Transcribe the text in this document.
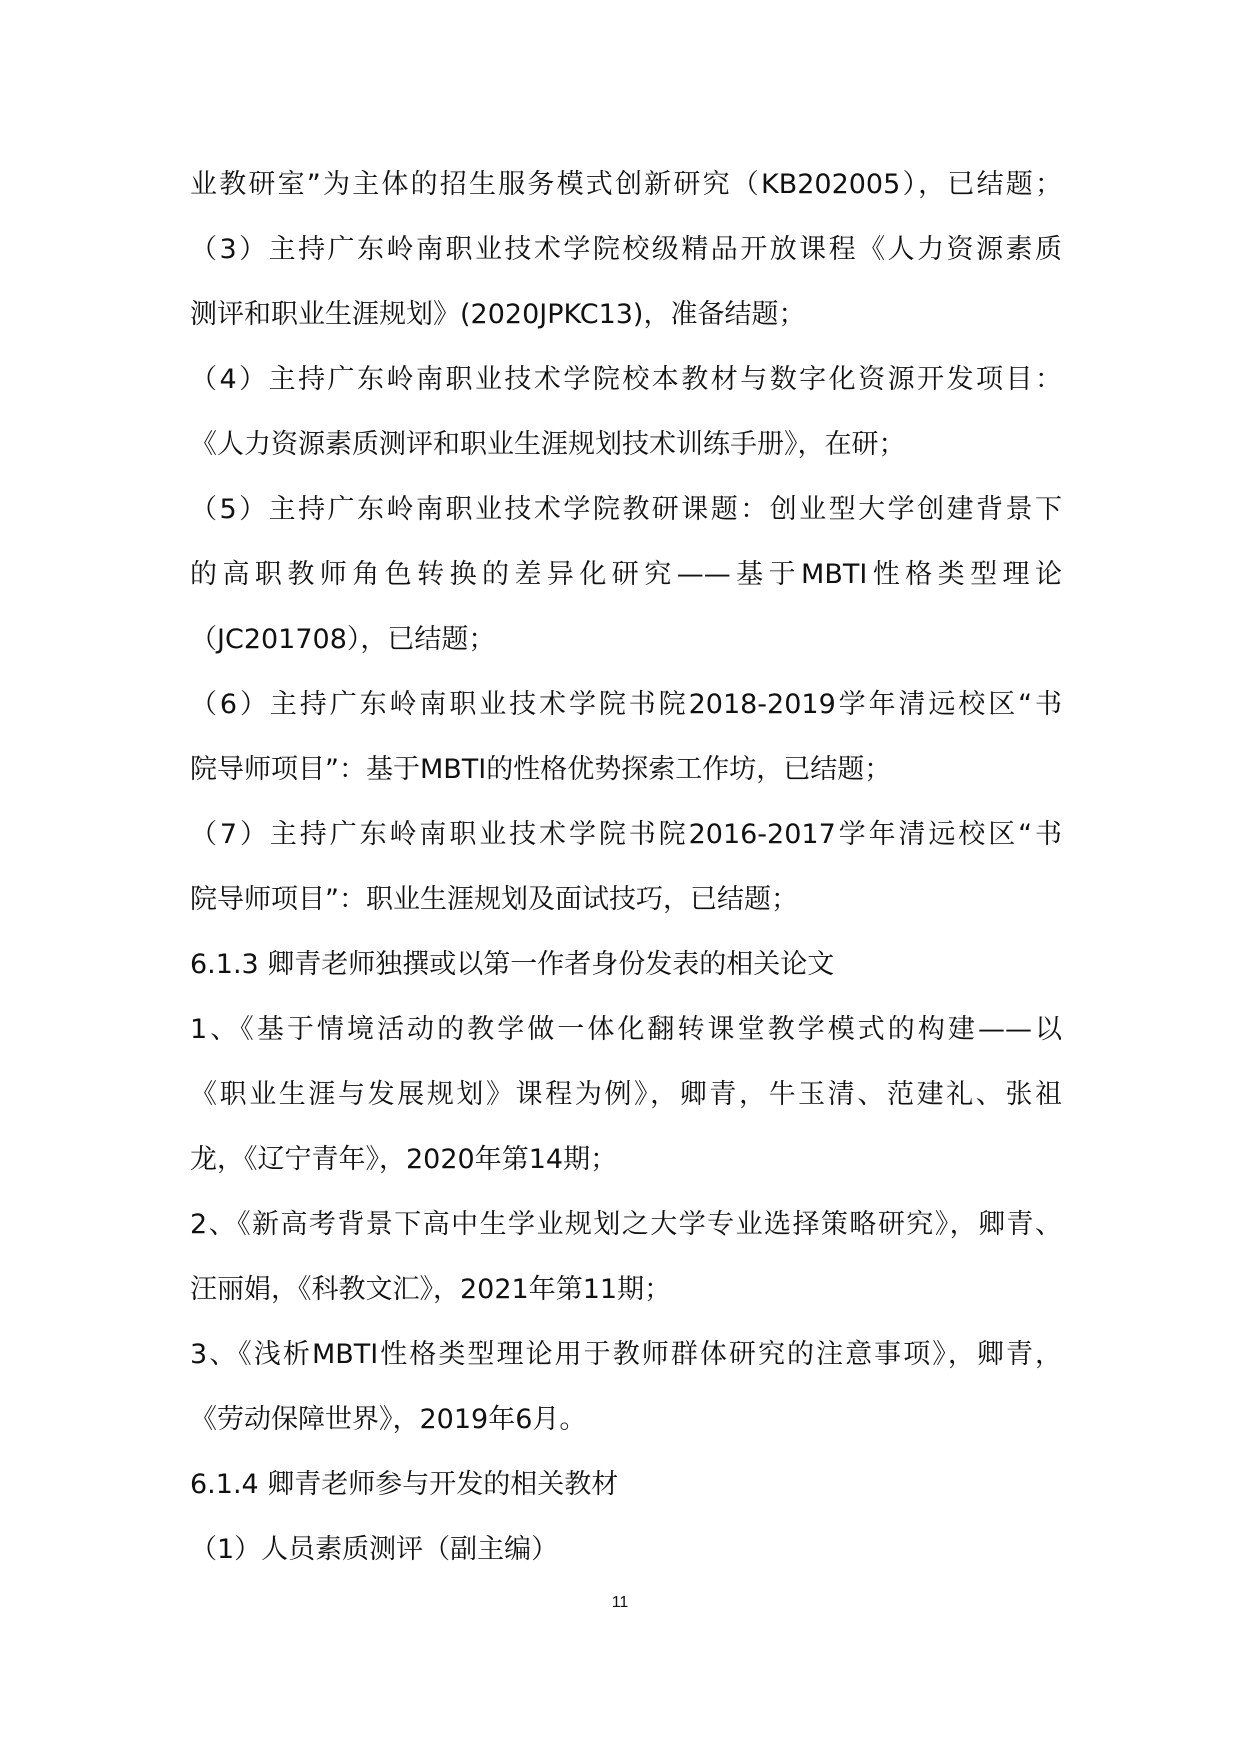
业教研室”为主体的招生服务模式创新研究（KB202005），已结题；
（3）主持广东岭南职业技术学院校级精品开放课程《人力资源素质
测评和职业生涯规划》(2020JPKC13)，准备结题；
（4）主持广东岭南职业技术学院校本教材与数字化资源开发项目：
《人力资源素质测评和职业生涯规划技术训练手册》，在研；
（5）主持广东岭南职业技术学院教研课题：创业型大学创建背景下
的高职教师角色转换的差异化研究——基于MBTI性格类型理论
（JC201708），已结题；
（6）主持广东岭南职业技术学院书院2018-2019学年清远校区“书
院导师项目”：基于MBTI的性格优势探索工作坊，已结题；
（7）主持广东岭南职业技术学院书院2016-2017学年清远校区“书
院导师项目”：职业生涯规划及面试技巧，已结题；
6.1.3 卿青老师独撰或以第一作者身份发表的相关论文
1、《基于情境活动的教学做一体化翻转课堂教学模式的构建——以
《职业生涯与发展规划》课程为例》，卿青，牛玉清、范建礼、张祖
龙，《辽宁青年》，2020年第14期；
2、《新高考背景下高中生学业规划之大学专业选择策略研究》，卿青、
汪丽娟，《科教文汇》，2021年第11期；
3、《浅析MBTI性格类型理论用于教师群体研究的注意事项》，卿青，
《劳动保障世界》，2019年6月。
6.1.4 卿青老师参与开发的相关教材
（1）人员素质测评（副主编）
11
